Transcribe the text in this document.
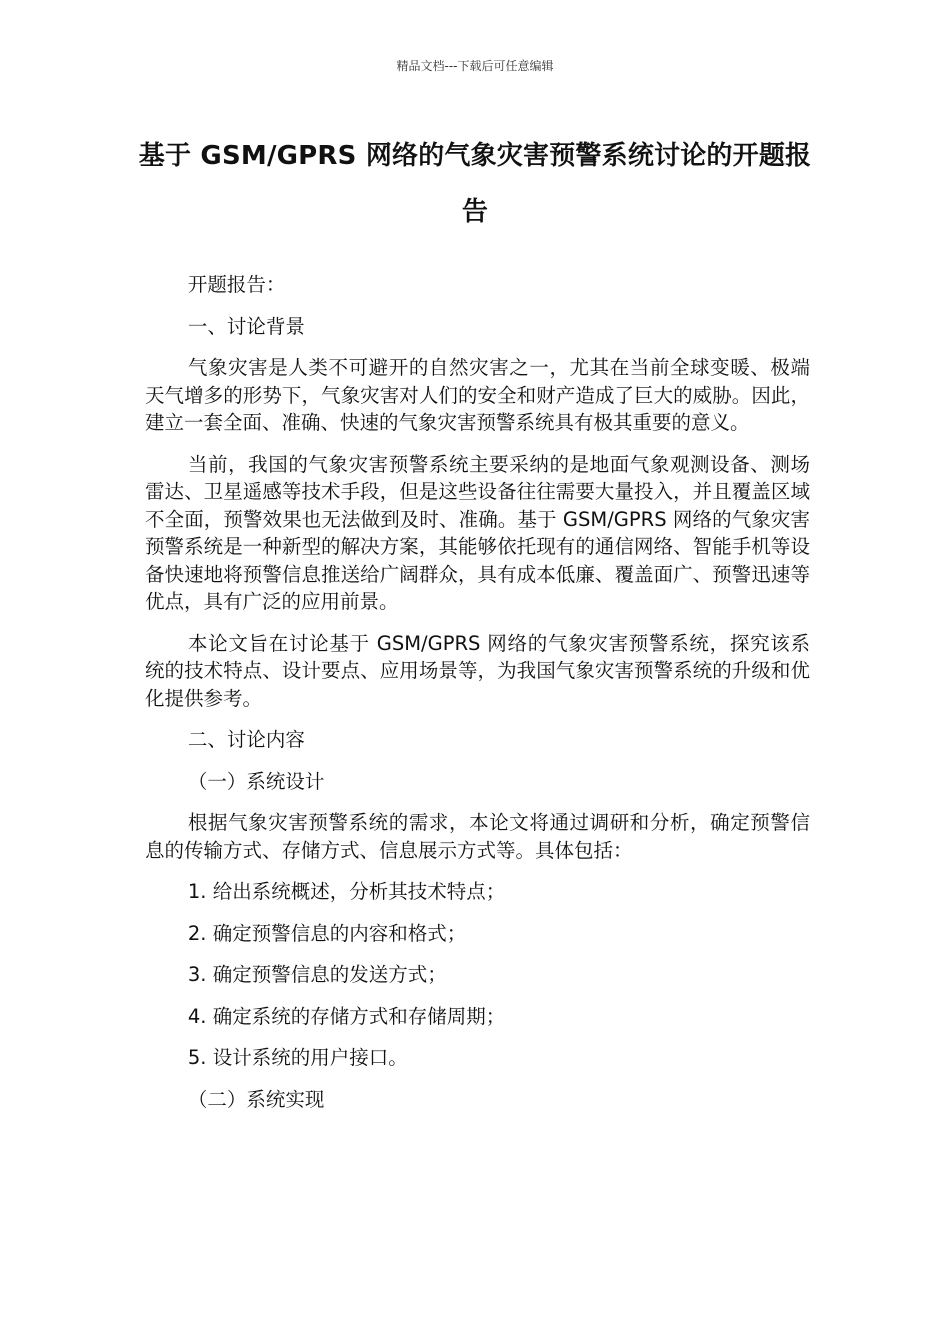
精品文档---下载后可任意编辑
基于 GSM/GPRS 网络的气象灾害预警系统讨论的开题报告

开题报告：

一、讨论背景

气象灾害是人类不可避开的自然灾害之一，尤其在当前全球变暖、极端天气增多的形势下，气象灾害对人们的安全和财产造成了巨大的威胁。因此，建立一套全面、准确、快速的气象灾害预警系统具有极其重要的意义。

当前，我国的气象灾害预警系统主要采纳的是地面气象观测设备、测场雷达、卫星遥感等技术手段，但是这些设备往往需要大量投入，并且覆盖区域不全面，预警效果也无法做到及时、准确。基于 GSM/GPRS 网络的气象灾害预警系统是一种新型的解决方案，其能够依托现有的通信网络、智能手机等设备快速地将预警信息推送给广阔群众，具有成本低廉、覆盖面广、预警迅速等优点，具有广泛的应用前景。

本论文旨在讨论基于 GSM/GPRS 网络的气象灾害预警系统，探究该系统的技术特点、设计要点、应用场景等，为我国气象灾害预警系统的升级和优化提供参考。

二、讨论内容

（一）系统设计

根据气象灾害预警系统的需求，本论文将通过调研和分析，确定预警信息的传输方式、存储方式、信息展示方式等。具体包括：

1. 给出系统概述，分析其技术特点；
2. 确定预警信息的内容和格式；
3. 确定预警信息的发送方式；
4. 确定系统的存储方式和存储周期；
5. 设计系统的用户接口。

（二）系统实现
